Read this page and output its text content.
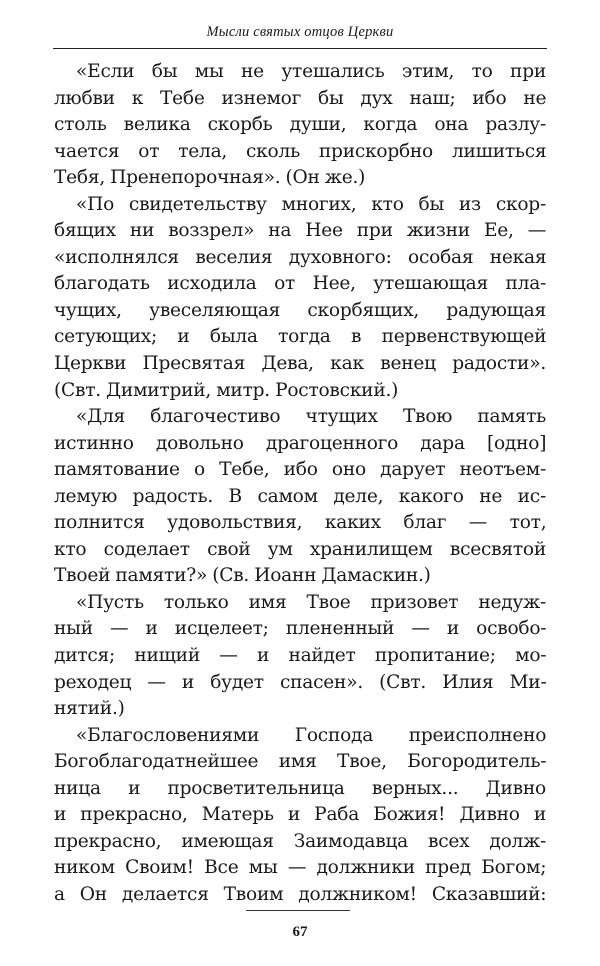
Мысли святых отцов Церкви
«Если бы мы не утешались этим, то при
любви к Тебе изнемог бы дух наш; ибо не
столь велика скорбь души, когда она разлу-
чается от тела, сколь прискорбно лишиться
Тебя, Пренепорочная». (Он же.)
«По свидетельству многих, кто бы из скор-
бящих ни воззрел» на Нее при жизни Ее, —
«исполнялся веселия духовного: особая некая
благодать исходила от Нее, утешающая пла-
чущих, увеселяющая скорбящих, радующая
сетующих; и была тогда в первенствующей
Церкви Пресвятая Дева, как венец радости».
(Свт. Димитрий, митр. Ростовский.)
«Для благочестиво чтущих Твою память
истинно довольно драгоценного дара [одно]
памятование о Тебе, ибо оно дарует неотъем-
лемую радость. В самом деле, какого не ис-
полнится удовольствия, каких благ — тот,
кто соделает свой ум хранилищем всесвятой
Твоей памяти?» (Св. Иоанн Дамаскин.)
«Пусть только имя Твое призовет недуж-
ный — и исцелеет; плененный — и освобо-
дится; нищий — и найдет пропитание; мо-
реходец — и будет спасен». (Свт. Илия Ми-
нятий.)
«Благословениями Господа преисполнено
Богоблагодатнейшее имя Твое, Богородитель-
ница и просветительница верных... Дивно
и прекрасно, Матерь и Раба Божия! Дивно и
прекрасно, имеющая Заимодавца всех долж-
ником Своим! Все мы — должники пред Богом;
а Он делается Твоим должником! Сказавший:
67
